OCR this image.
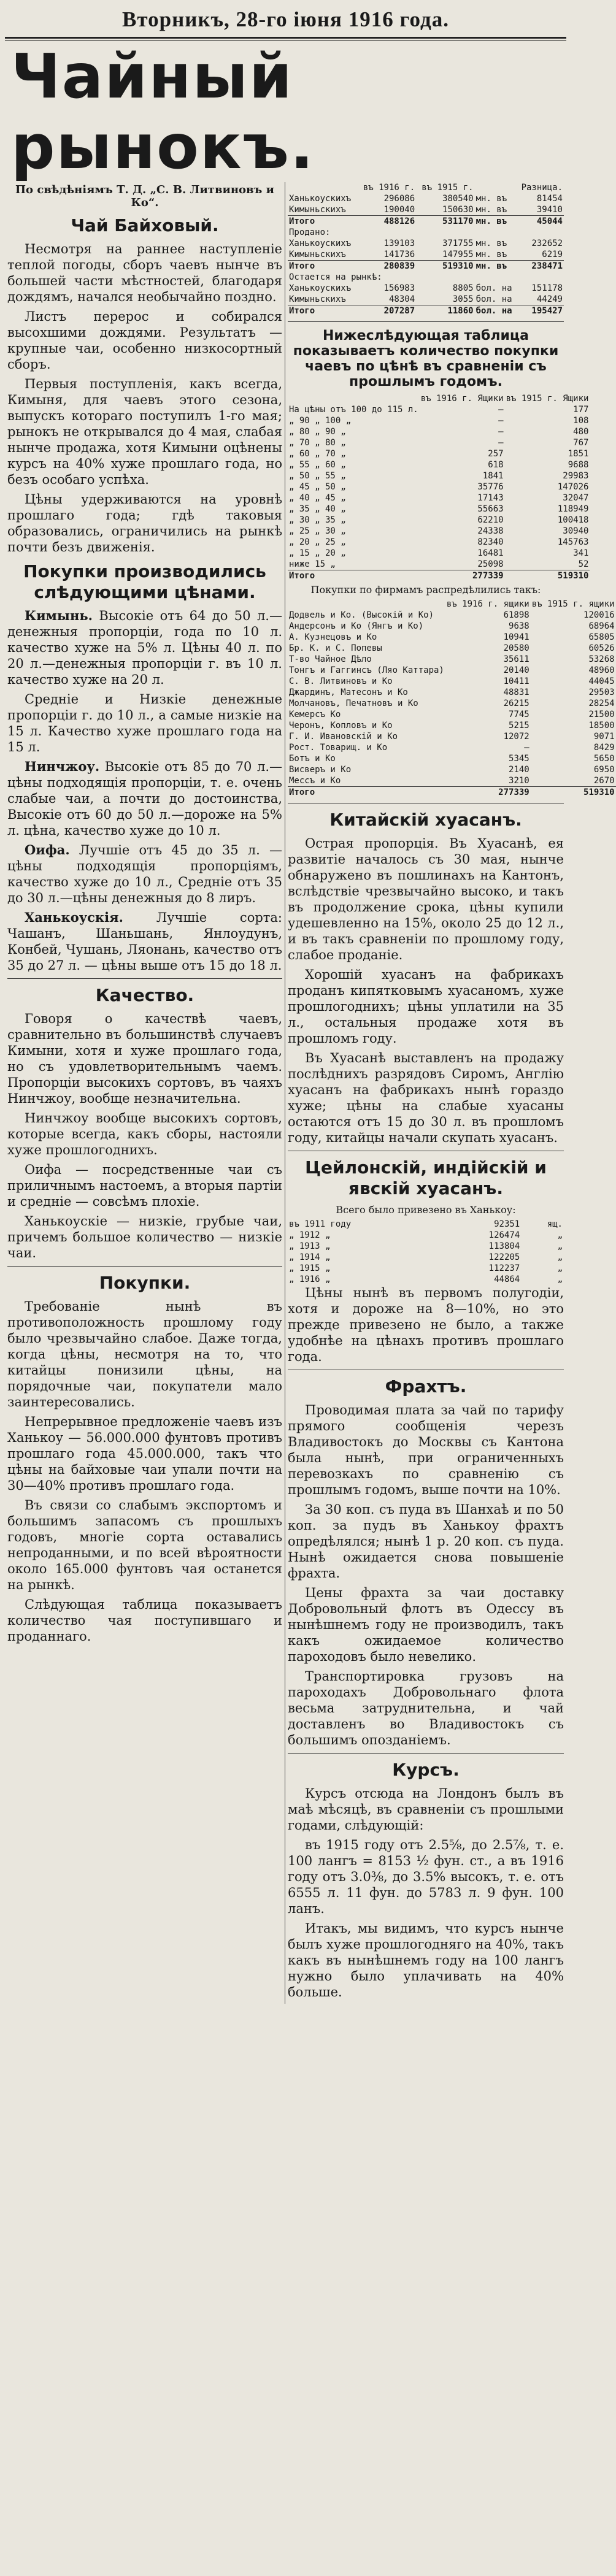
Вторникъ, 28-го іюня 1916 года.
Чайный рынокъ.
По свѣдѣніямъ Т. Д. „С. В. Литвиновъ и Ко“.
Чай Байховый.

Несмотря на раннее наступленіе теплой погоды, сборъ чаевъ нынче въ большей части мѣстностей, благодаря дождямъ, начался необычайно поздно.

Листъ перерос и собирался высохшими дождями. Результатъ — крупные чаи, особенно низкосортный сборъ.

Первыя поступленія, какъ всегда, Кимыня, для чаевъ этого сезона, выпускъ котораго поступилъ 1-го мая; рынокъ не открывался до 4 мая, слабая нынче продажа, хотя Кимыни оцѣнены курсъ на 40% хуже прошлаго года, но безъ особаго успѣха.

Цѣны удерживаются на уровнѣ прошлаго года; гдѣ таковыя образовались, ограничились на рынкѣ почти безъ движенія.

Покупки производились слѣдующими цѣнами.

Кимынь. Высокіе отъ 64 до 50 л.—денежныя пропорціи, года по 10 л. качество хуже на 5% л. Цѣны 40 л. по 20 л.—денежныя пропорціи г. въ 10 л. качество хуже на 20 л.

Средніе и Низкіе денежные пропорціи г. до 10 л., а самые низкіе на 15 л. Качество хуже прошлаго года на 15 л.

Нинчжоу. Высокіе отъ 85 до 70 л.—цѣны подходящія пропорціи, т. е. очень слабые чаи, а почти до достоинства, Высокіе отъ 60 до 50 л.—дороже на 5% л. цѣна, качество хуже до 10 л.

Оифа. Лучшіе отъ 45 до 35 л. — цѣны подходящія пропорціямъ, качество хуже до 10 л., Средніе отъ 35 до 30 л.—цѣны денежныя до 8 лиръ.

Ханькоускія.	Лучшіе сорта: Чашанъ, Шаньшань, Янлоудунъ, Конбей, Чушань, Ляонань, качество отъ 35 до 27 л. — цѣны выше отъ 15 до 18 л.

Качество.

Говоря о качествѣ чаевъ, сравнительно въ большинствѣ случаевъ Кимыни, хотя и хуже прошлаго года, но съ удовлетворительнымъ чаемъ. Пропорціи высокихъ сортовъ, въ чаяхъ Нинчжоу, вообще незначительна.

Нинчжоу вообще высокихъ сортовъ, которые всегда, какъ сборы, настояли хуже прошлогоднихъ.

Оифа — посредственные чаи съ приличнымъ настоемъ, а вторыя партіи и средніе — совсѣмъ плохіе.

Ханькоускіе — низкіе, грубые чаи, причемъ большое количество — низкіе чаи.

Покупки.

Требованіе нынѣ въ противоположность прошлому году было чрезвычайно слабое. Даже тогда, когда цѣны, несмотря на то, что китайцы понизили цѣны, на порядочные чаи, покупатели мало заинтересовались.

Непрерывное предложеніе чаевъ изъ Ханькоу — 56.000.000 фунтовъ противъ прошлаго года 45.000.000, такъ что цѣны на байховые чаи упали почти на 30—40% противъ прошлаго года.

Въ связи со слабымъ экспортомъ и большимъ запасомъ съ прошлыхъ годовъ, многіе сорта оставались непроданными, и по всей вѣроятности около 165.000 фунтовъ чая останется на рынкѣ.

Слѣдующая таблица показываетъ количество чая поступившаго и проданнаго.

	въ 1916 г.	въ 1915 г.		Разница.
Ханькоускихъ	296086	380540	мн. въ	81454
Кимыньскихъ	190040	150630	мн. въ	39410
Итого	488126	531170	мн. въ	45044
Продано:				
Ханькоускихъ	139103	371755	мн. въ	232652
Кимыньскихъ	141736	147955	мн. въ	6219
Итого	280839	519310	мн. въ	238471
Остается на рынкѣ:				
Ханькоускихъ	156983	8805	бол. на	151178
Кимыньскихъ	48304	3055	бол. на	44249
Итого	207287	11860	бол. на	195427
Нижеслѣдующая таблица показываетъ количество покупки чаевъ по цѣнѣ въ сравненіи съ прошлымъ годомъ.
	въ 1916 г. Ящики	въ 1915 г. Ящики
На цѣны отъ 100 до 115 л.	—	177
„ 90 „ 100 „	—	108
„ 80 „ 90 „	—	480
„ 70 „ 80 „	—	767
„ 60 „ 70 „	257	1851
„ 55 „ 60 „	618	9688
„ 50 „ 55 „	1841	29983
„ 45 „ 50 „	35776	147026
„ 40 „ 45 „	17143	32047
„ 35 „ 40 „	55663	118949
„ 30 „ 35 „	62210	100418
„ 25 „ 30 „	24338	30940
„ 20 „ 25 „	82340	145763
„ 15 „ 20 „	16481	341
ниже 15 „	25098	52
Итого	277339	519310
Покупки по фирмамъ распредѣлились такъ:
	въ 1916 г. ящики	въ 1915 г. ящики
Додвель и Ко. (Высокій и Ко)	61898	120016
Андерсонъ и Ко (Янгъ и Ко)	9638	68964
А. Кузнецовъ и Ко	10941	65805
Бр. К. и С. Попевы	20580	60526
Т-во Чайное Дѣло	35611	53268
Тонгъ и Гаггинсъ (Ляо Каттара)	20140	48960
С. В. Литвиновъ и Ко	10411	44045
Джардинъ, Матесонъ и Ко	48831	29503
Молчановъ, Печатновъ и Ко	26215	28254
Кемерсъ Ко	7745	21500
Черонъ, Копловъ и Ко	5215	18500
Г. И. Ивановскій и Ко	12072	9071
Рост. Товарищ. и Ко	—	8429
Ботъ и Ко	5345	5650
Висверъ и Ко	2140	6950
Мессъ и Ко	3210	2670
Итого	277339	519310
Китайскій хуасанъ.

Острая пропорція. Въ Хуасанѣ, ея развитіе началось съ 30 мая, нынче обнаружено въ пошлинахъ на Кантонъ, вслѣдствіе чрезвычайно высоко, и такъ въ продолжение срока, цѣны купили удешевленно на 15%, около 25 до 12 л., и въ такъ сравненіи по прошлому году, слабое проданіе.

Хорошій хуасанъ на фабрикахъ проданъ кипятковымъ хуасаномъ, хуже прошлогоднихъ; цѣны уплатили на 35 л., остальныя продаже хотя въ прошломъ году.

Въ Хуасанѣ выставленъ на продажу послѣднихъ разрядовъ Сиромъ, Англію хуасанъ на фабрикахъ нынѣ гораздо хуже; цѣны на слабые хуасаны остаются отъ 15 до 30 л. въ прошломъ году, китайцы начали скупать хуасанъ.

Цейлонскій, индійскій и явскій хуасанъ.
Всего было привезено въ Ханькоу:
въ 1911 году	92351	ящ.
„ 1912 „	126474	„
„ 1913 „	113804	„
„ 1914 „	122205	„
„ 1915 „	112237	„
„ 1916 „	44864	„

Цѣны нынѣ въ первомъ полугодіи, хотя и дороже на 8—10%, но это прежде привезено не было, а также удобнѣе на цѣнахъ противъ прошлаго года.

Фрахтъ.

Проводимая плата за чай по тарифу прямого сообщенія черезъ Владивостокъ до Москвы съ Кантона была нынѣ, при ограниченныхъ перевозкахъ по сравненію съ прошлымъ годомъ, выше почти на 10%.

За 30 коп. съ пуда въ Шанхаѣ и по 50 коп. за пудъ въ Ханькоу фрахтъ опредѣлялся; нынѣ 1 р. 20 коп. съ пуда. Нынѣ ожидается снова повышеніе фрахта.

Цены фрахта за чаи доставку Добровольный флотъ въ Одессу въ нынѣшнемъ году не производилъ, такъ какъ ожидаемое количество пароходовъ было невелико.

Транспортировка грузовъ на пароходахъ Добровольнаго флота весьма затруднительна, и чай доставленъ во Владивостокъ съ большимъ опозданіемъ.

Курсъ.

Курсъ отсюда на Лондонъ былъ въ маѣ мѣсяцѣ, въ сравненіи съ прошлыми годами, слѣдующій:

въ 1915 году отъ 2.5⅝, до 2.5⅞, т. е. 100 лангъ = 8153 ½ фун. ст., а въ 1916 году отъ 3.0⅜, до 3.5% высокъ, т. е. отъ 6555 л. 11 фун. до 5783 л. 9 фун. 100 ланъ.

Итакъ, мы видимъ, что курсъ нынче былъ хуже прошлогодняго на 40%, такъ какъ въ нынѣшнемъ году на 100 лангъ нужно было уплачивать на 40% больше.
